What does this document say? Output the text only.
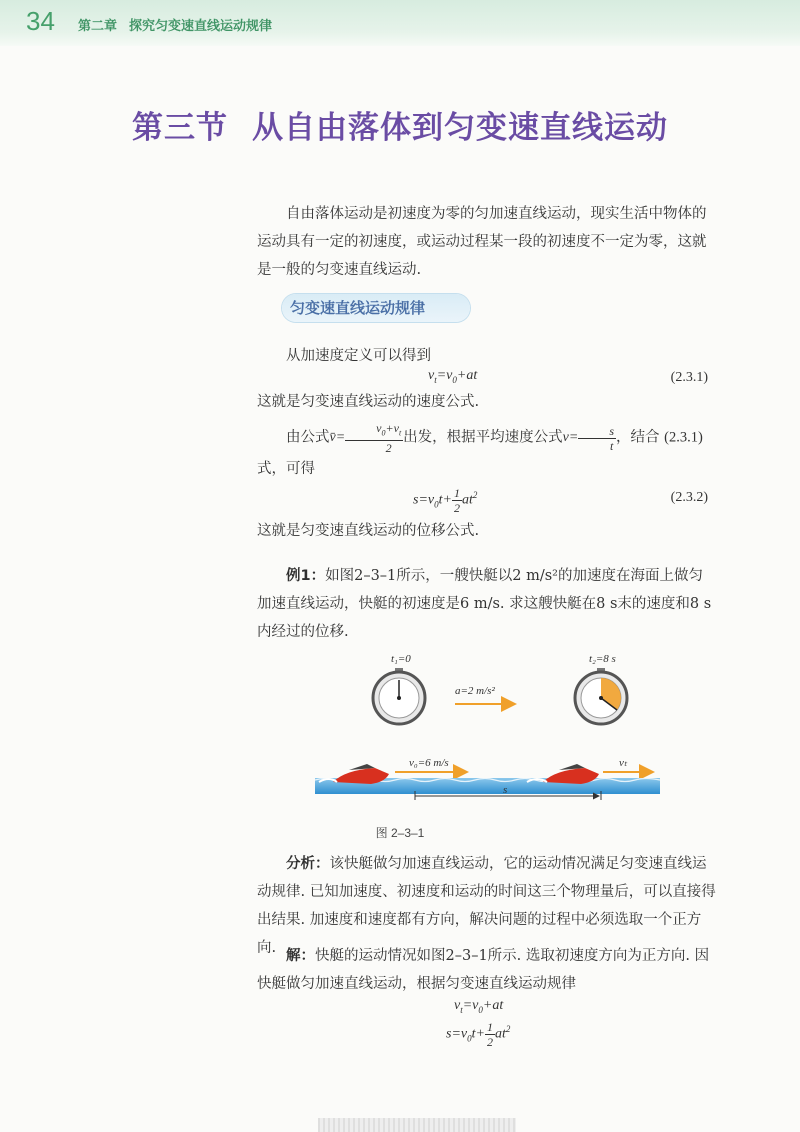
34 第二章 探究匀变速直线运动规律
第三节 从自由落体到匀变速直线运动
自由落体运动是初速度为零的匀加速直线运动，现实生活中物体的运动具有一定的初速度，或运动过程某一段的初速度不一定为零，这就是一般的匀变速直线运动.
匀变速直线运动规律
从加速度定义可以得到
$v_t=v_0+at$	(2.3.1)
这就是匀变速直线运动的速度公式.
由公式v̄= $\frac{v_0+v_t}{2}$ 出发，根据平均速度公式$v= \frac{s}{t}$ ，结合 (2.3.1)
式，可得
$s=v_0t+ \frac{1}{2} at^2$	(2.3.2)
这就是匀变速直线运动的位移公式.
例1：如图2–3–1所示，一艘快艇以2 m/s²的加速度在海面上做匀加速直线运动，快艇的初速度是6 m/s. 求这艘快艇在8 s末的速度和8 s内经过的位移.
t₁=0
a=2 m/s²
t₂=8 s
v₀=6 m/s	vₜ
s
图 2–3–1
分析：该快艇做匀加速直线运动，它的运动情况满足匀变速直线运动规律. 已知加速度、初速度和运动的时间这三个物理量后，可以直接得出结果. 加速度和速度都有方向，解决问题的过程中必须选取一个正方向. 解：快艇的运动情况如图2–3–1所示. 选取初速度方向为正方向. 因快艇做匀加速直线运动，根据匀变速直线运动规律
$v_t=v_0+at$
$s=v_0t+ \frac{1}{2} at^2$
